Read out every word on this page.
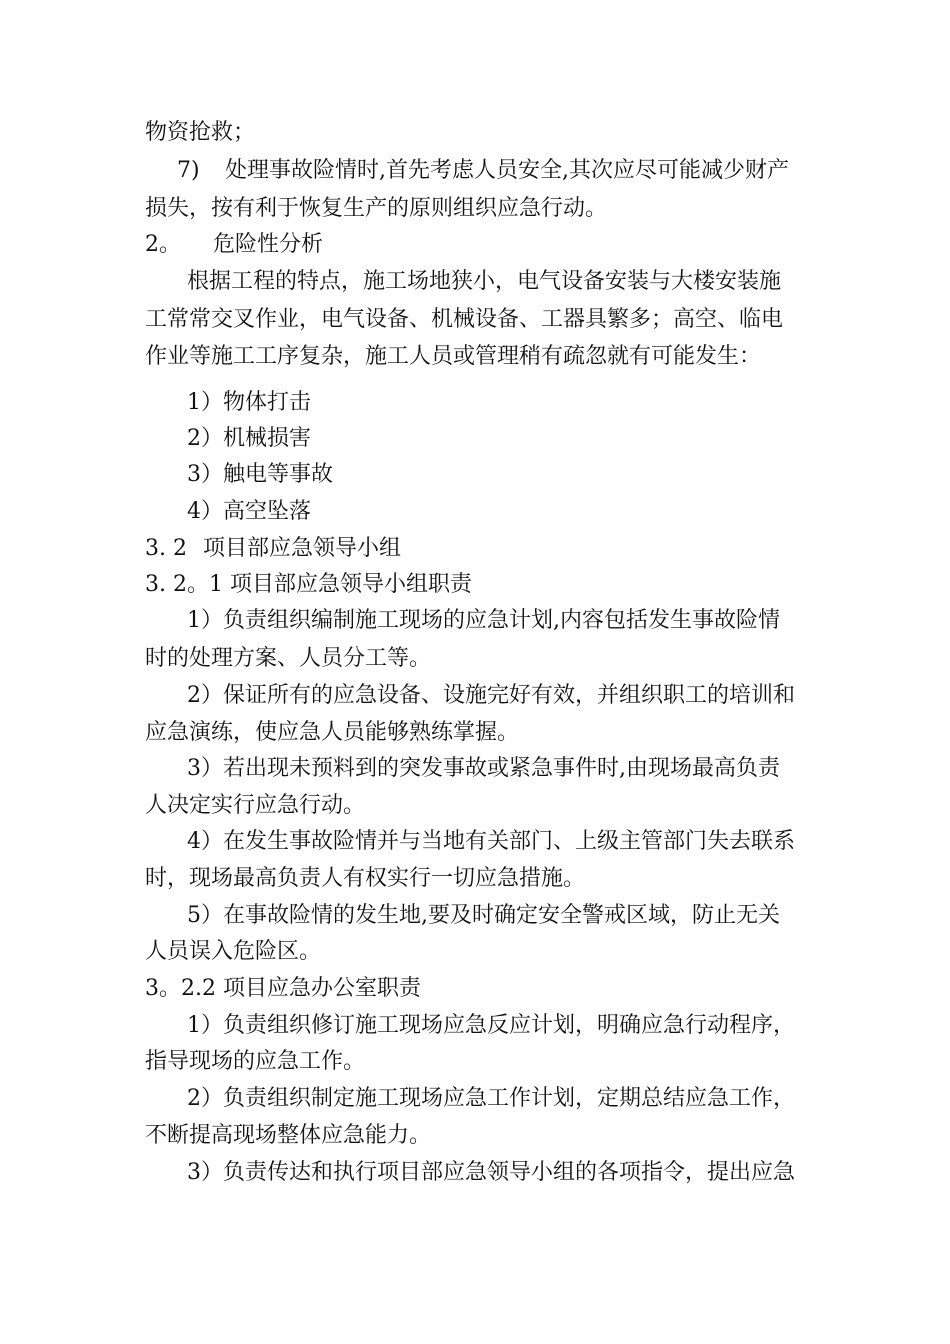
物资抢救；

7) 处理事故险情时,首先考虑人员安全,其次应尽可能减少财产

损失，按有利于恢复生产的原则组织应急行动。

2。 危险性分析

根据工程的特点，施工场地狭小，电气设备安装与大楼安装施

工常常交叉作业，电气设备、机械设备、工器具繁多；高空、临电

作业等施工工序复杂，施工人员或管理稍有疏忽就有可能发生：

1）物体打击

2）机械损害

3）触电等事故

4）高空坠落

3. 2 项目部应急领导小组

3. 2。1 项目部应急领导小组职责

1）负责组织编制施工现场的应急计划,内容包括发生事故险情

时的处理方案、人员分工等。

2）保证所有的应急设备、设施完好有效，并组织职工的培训和

应急演练，使应急人员能够熟练掌握。

3）若出现未预料到的突发事故或紧急事件时,由现场最高负责

人决定实行应急行动。

4）在发生事故险情并与当地有关部门、上级主管部门失去联系

时，现场最高负责人有权实行一切应急措施。

5）在事故险情的发生地,要及时确定安全警戒区域，防止无关

人员误入危险区。

3。2.2 项目应急办公室职责

1）负责组织修订施工现场应急反应计划，明确应急行动程序，

指导现场的应急工作。

2）负责组织制定施工现场应急工作计划，定期总结应急工作，

不断提高现场整体应急能力。

3）负责传达和执行项目部应急领导小组的各项指令，提出应急
